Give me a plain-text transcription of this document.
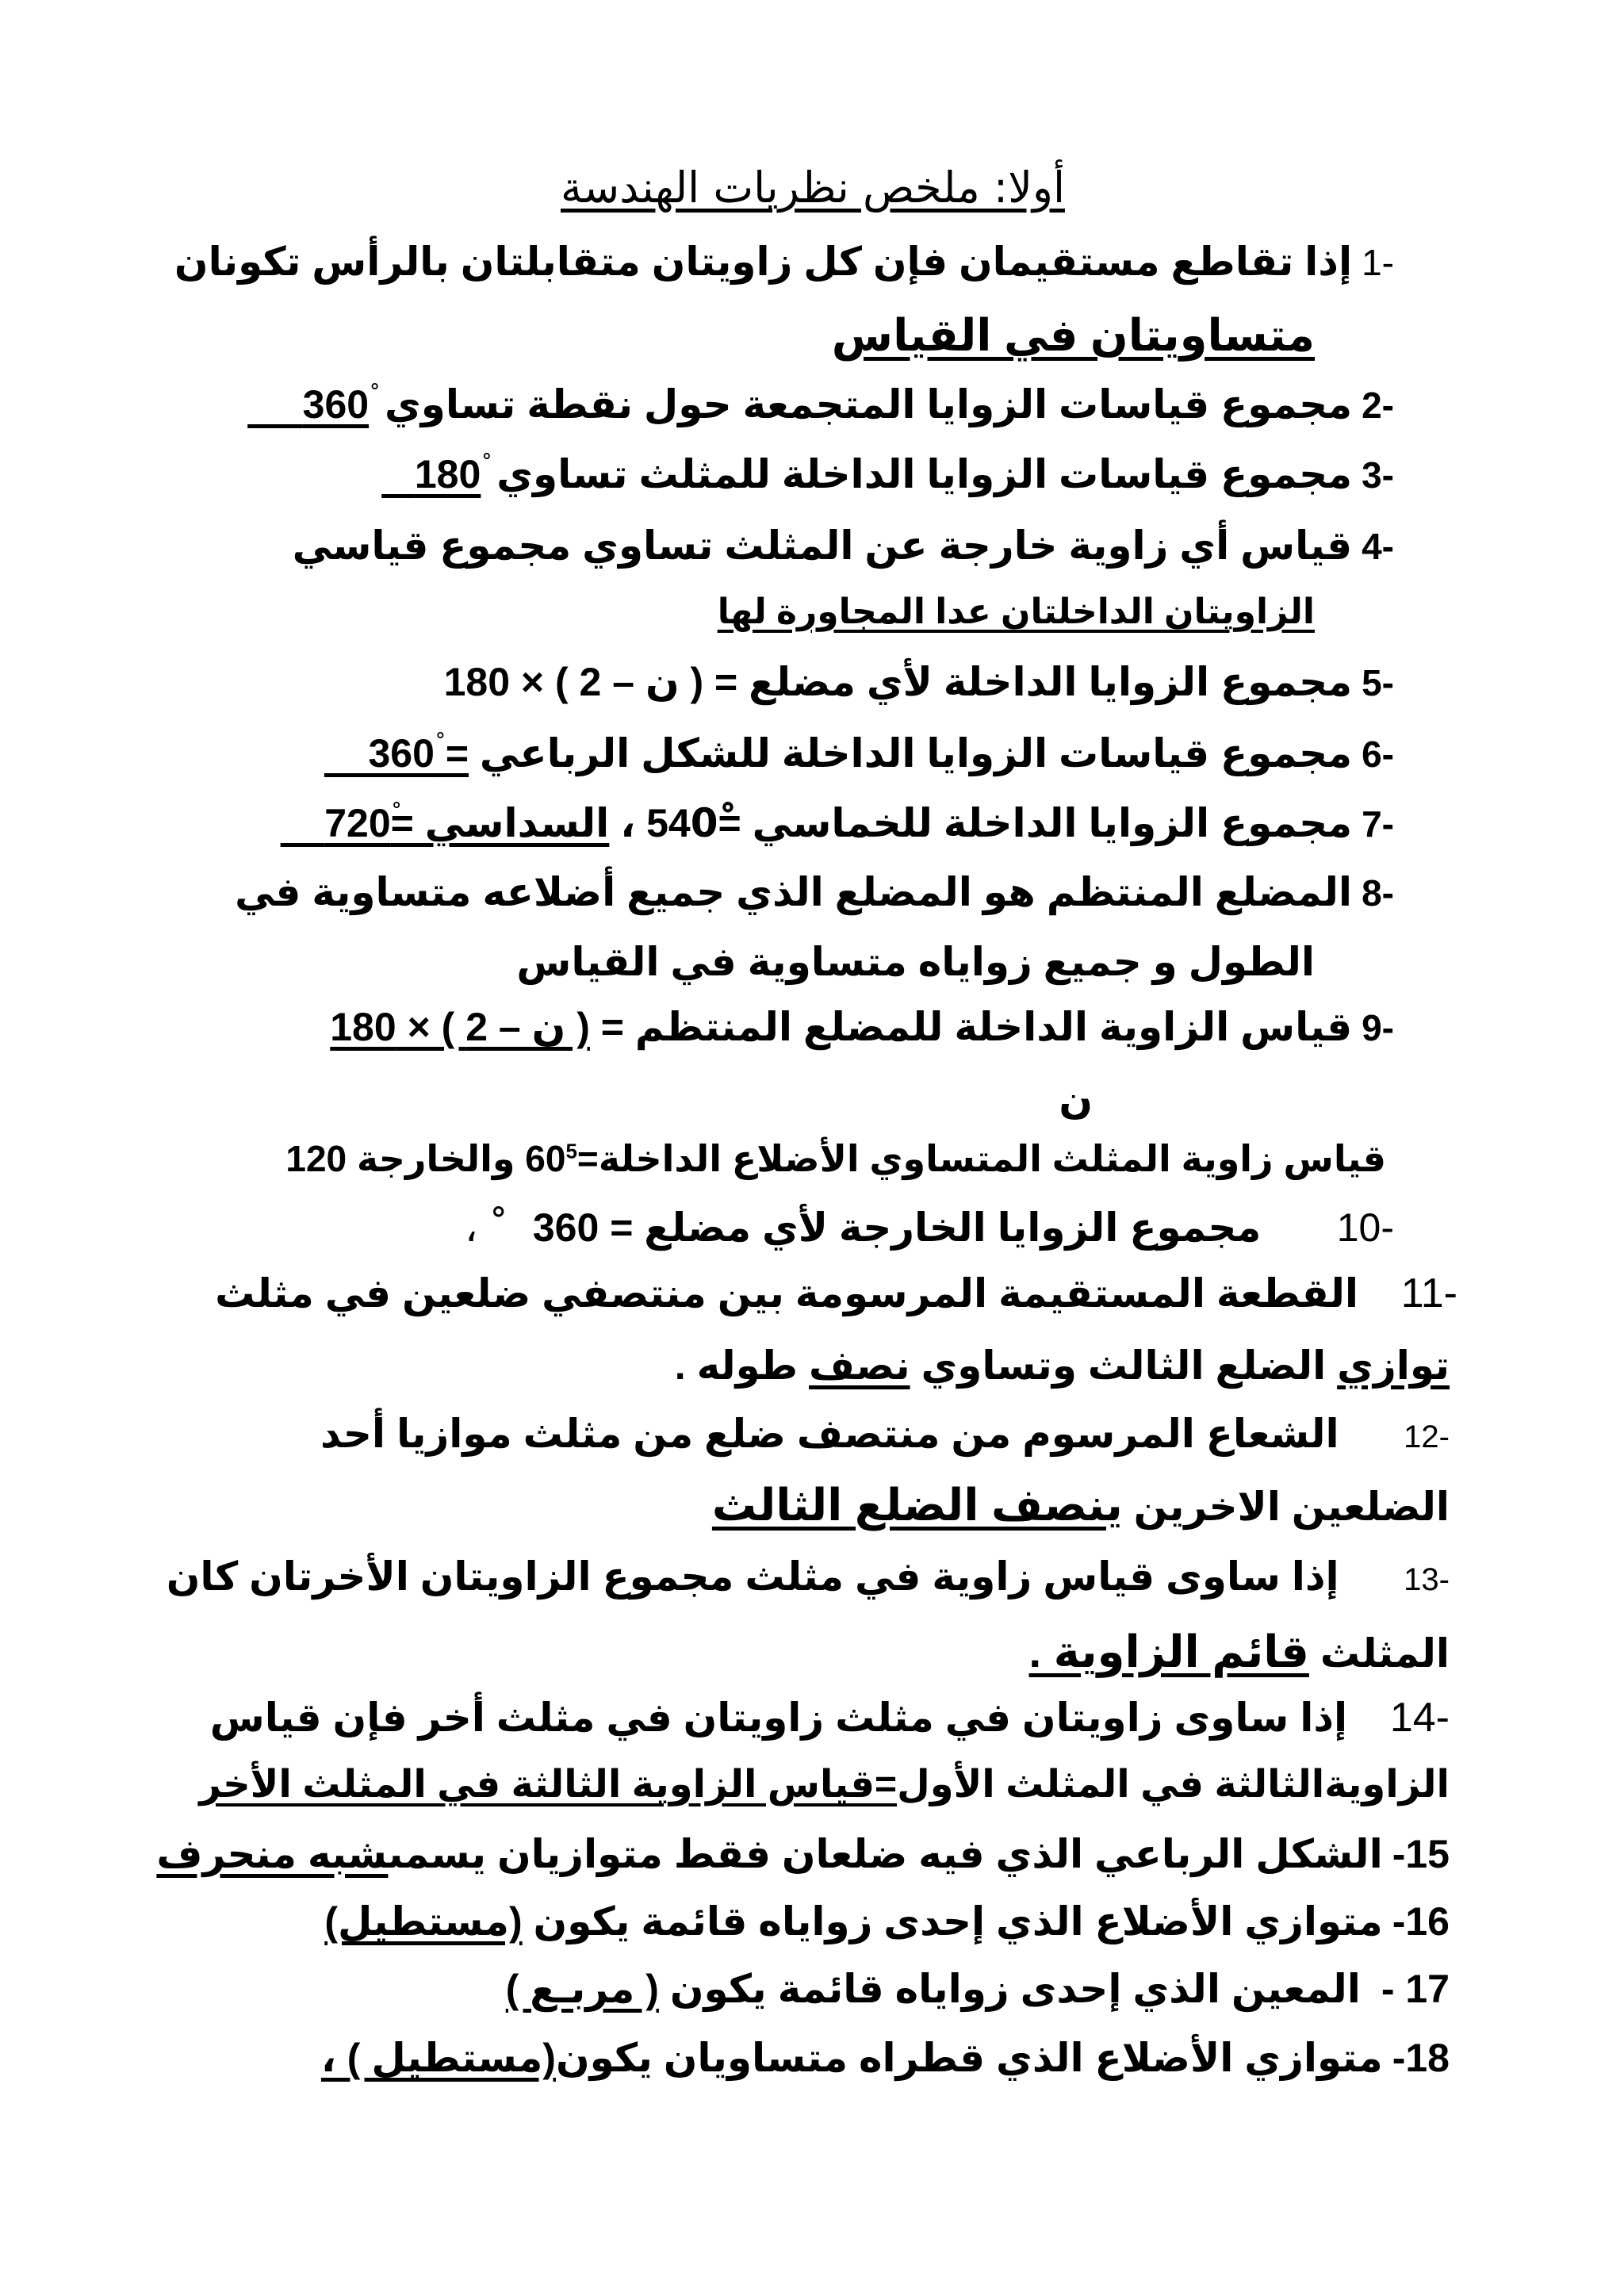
أولا: ملخص نظريات الهندسة
-1إذا تقاطع مستقيمان فإن كل زاويتان متقابلتان بالرأس تكونان
متساويتان في القياس
-2مجموع قياسات الزوايا المتجمعة حول نقطة تساوي 360
-3مجموع قياسات الزوايا الداخلة للمثلث تساوي 180
-4قياس أي زاوية خارجة عن المثلث تساوي مجموع قياسي
الزاويتان الداخلتان عدا المجاورة لها
-5مجموع الزوايا الداخلة لأي مضلع = ( ن – 2 ) × 180
-6مجموع قياسات الزوايا الداخلة للشكل الرباعي = 360
-7مجموع الزوايا الداخلة للخماسي =540ْ ، السداسي =720
-8المضلع المنتظم هو المضلع الذي جميع أضلاعه متساوية في
الطول و جميع زواياه متساوية في القياس
-9قياس الزاوية الداخلة للمضلع المنتظم = ( ن – 2 ) × 180
ن
قياس زاوية المثلث المتساوي الأضلاع $الداخلة=60^5$ والخارجة 120
-10      مجموع الزوايا الخارجة لأي مضلع = 360    ْ ،
-11   القطعة المستقيمة المرسومة بين منتصفي ضلعين في مثلث
توازي الضلع الثالث وتساوي نصف طوله .
-12     الشعاع المرسوم من منتصف ضلع من مثلث موازيا أحد
الضلعين الاخرين ينصف الضلع الثالث
-13     إذا ساوى قياس زاوية في مثلث مجموع الزاويتان الأخرتان كان
المثلث قائم الزاوية .
-14   إذا ساوى زاويتان في مثلث زاويتان في مثلث أخر فإن قياس
الزاويةالثالثة في المثلث الأول=قياس الزاوية الثالثة في المثلث الأخر
15-الشكل الرباعي الذي فيه ضلعان فقط متوازيان يسمىشبه منحرف
16-متوازي الأضلاع الذي إحدى زواياه قائمة يكون (مستطيل)
17 - المعين الذي إحدى زواياه قائمة يكون ( مربـع )
18-متوازي الأضلاع الذي قطراه متساويان يكون(مستطيل ) ،
